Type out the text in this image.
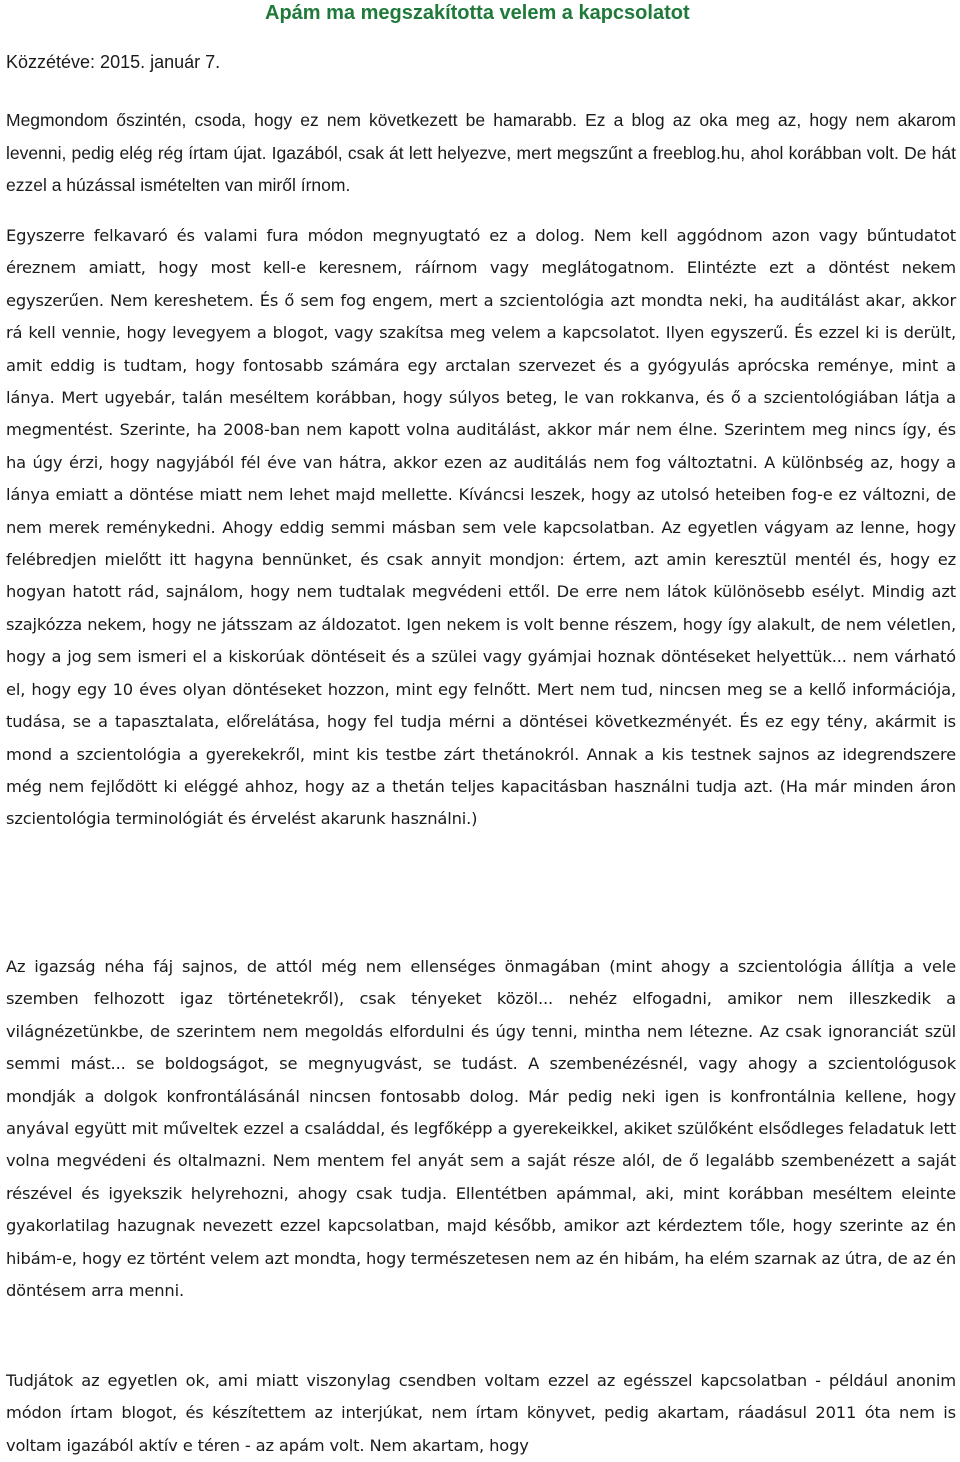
Apám ma megszakította velem a kapcsolatot
Közzétéve: 2015. január 7.

Megmondom őszintén, csoda, hogy ez nem következett be hamarabb. Ez a blog az oka meg az, hogy nem akarom levenni, pedig elég rég írtam újat. Igazából, csak át lett helyezve, mert megszűnt a freeblog.hu, ahol korábban volt. De hát ezzel a húzással ismételten van miről írnom.

Egyszerre felkavaró és valami fura módon megnyugtató ez a dolog. Nem kell aggódnom azon vagy bűntudatot éreznem amiatt, hogy most kell-e keresnem, ráírnom vagy meglátogatnom. Elintézte ezt a döntést nekem egyszerűen. Nem kereshetem. És ő sem fog engem, mert a szcientológia azt mondta neki, ha auditálást akar, akkor rá kell vennie, hogy levegyem a blogot, vagy szakítsa meg velem a kapcsolatot. Ilyen egyszerű. És ezzel ki is derült, amit eddig is tudtam, hogy fontosabb számára egy arctalan szervezet és a gyógyulás aprócska reménye, mint a lánya. Mert ugyebár, talán meséltem korábban, hogy súlyos beteg, le van rokkanva, és ő a szcientológiában látja a megmentést. Szerinte, ha 2008-ban nem kapott volna auditálást, akkor már nem élne. Szerintem meg nincs így, és ha úgy érzi, hogy nagyjából fél éve van hátra, akkor ezen az auditálás nem fog változtatni. A különbség az, hogy a lánya emiatt a döntése miatt nem lehet majd mellette. Kíváncsi leszek, hogy az utolsó heteiben fog-e ez változni, de nem merek reménykedni. Ahogy eddig semmi másban sem vele kapcsolatban. Az egyetlen vágyam az lenne, hogy felébredjen mielőtt itt hagyna bennünket, és csak annyit mondjon: értem, azt amin keresztül mentél és, hogy ez hogyan hatott rád, sajnálom, hogy nem tudtalak megvédeni ettől. De erre nem látok különösebb esélyt. Mindig azt szajkózza nekem, hogy ne játsszam az áldozatot. Igen nekem is volt benne részem, hogy így alakult, de nem véletlen, hogy a jog sem ismeri el a kiskorúak döntéseit és a szülei vagy gyámjai hoznak döntéseket helyettük... nem várható el, hogy egy 10 éves olyan döntéseket hozzon, mint egy felnőtt. Mert nem tud, nincsen meg se a kellő információja, tudása, se a tapasztalata, előrelátása, hogy fel tudja mérni a döntései következményét. És ez egy tény, akármit is mond a szcientológia a gyerekekről, mint kis testbe zárt thetánokról. Annak a kis testnek sajnos az idegrendszere még nem fejlődött ki eléggé ahhoz, hogy az a thetán teljes kapacitásban használni tudja azt. (Ha már minden áron szcientológia terminológiát és érvelést akarunk használni.)

Az igazság néha fáj sajnos, de attól még nem ellenséges önmagában (mint ahogy a szcientológia állítja a vele szemben felhozott igaz történetekről), csak tényeket közöl... nehéz elfogadni, amikor nem illeszkedik a világnézetünkbe, de szerintem nem megoldás elfordulni és úgy tenni, mintha nem létezne. Az csak ignoranciát szül semmi mást... se boldogságot, se megnyugvást, se tudást. A szembenézésnél, vagy ahogy a szcientológusok mondják a dolgok konfrontálásánál nincsen fontosabb dolog. Már pedig neki igen is konfrontálnia kellene, hogy anyával együtt mit műveltek ezzel a családdal, és legfőképp a gyerekeikkel, akiket szülőként elsődleges feladatuk lett volna megvédeni és oltalmazni. Nem mentem fel anyát sem a saját része alól, de ő legalább szembenézett a saját részével és igyekszik helyrehozni, ahogy csak tudja. Ellentétben apámmal, aki, mint korábban meséltem eleinte gyakorlatilag hazugnak nevezett ezzel kapcsolatban, majd később, amikor azt kérdeztem tőle, hogy szerinte az én hibám-e, hogy ez történt velem azt mondta, hogy természetesen nem az én hibám, ha elém szarnak az útra, de az én döntésem arra menni.

Tudjátok az egyetlen ok, ami miatt viszonylag csendben voltam ezzel az egésszel kapcsolatban - például anonim módon írtam blogot, és készítettem az interjúkat, nem írtam könyvet, pedig akartam, ráadásul 2011 óta nem is voltam igazából aktív e téren - az apám volt. Nem akartam, hogy
